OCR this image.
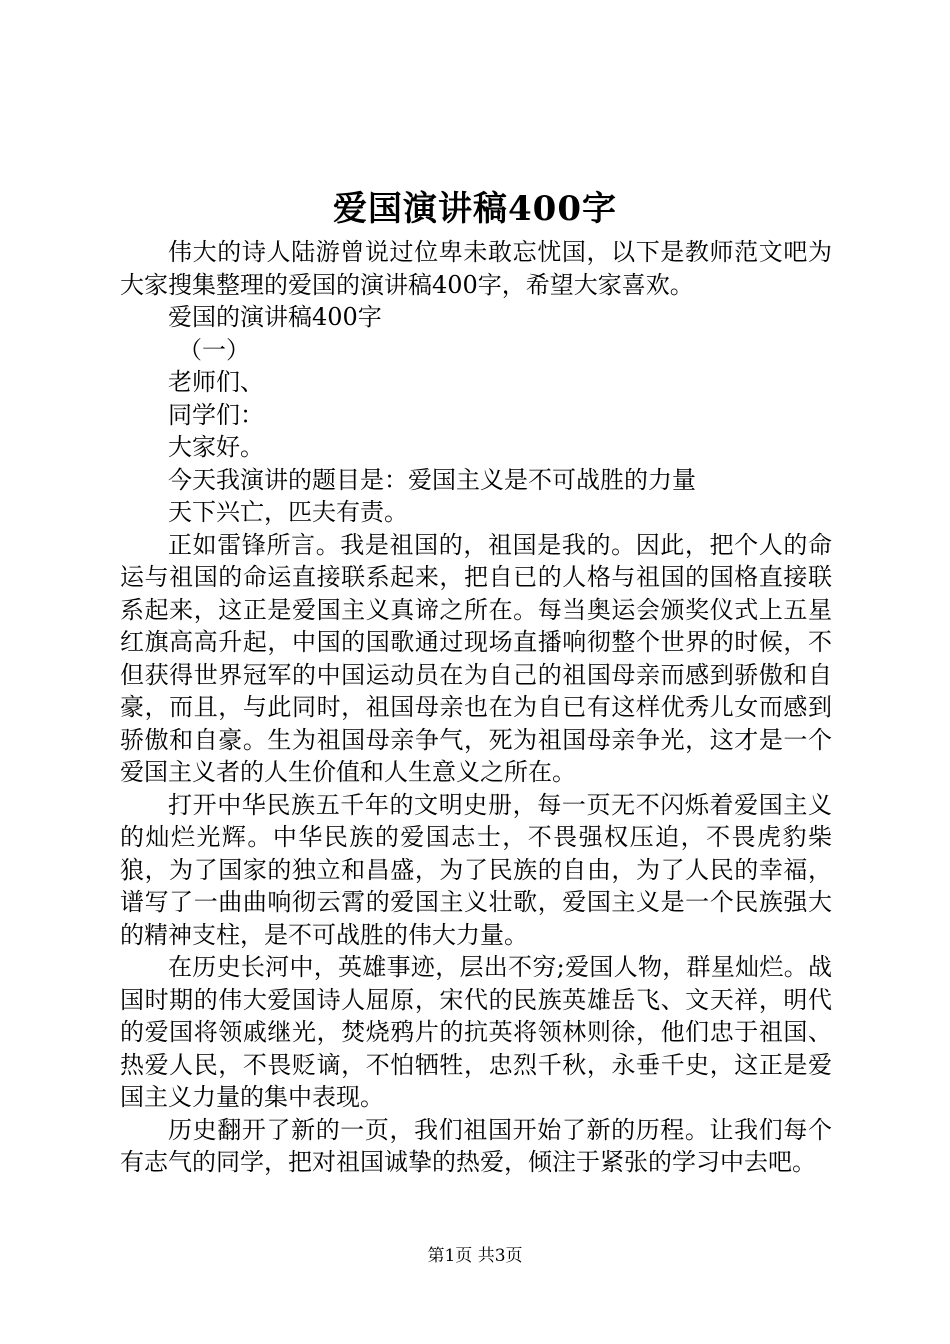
爱国演讲稿400字

伟大的诗人陆游曾说过位卑未敢忘忧国，以下是教师范文吧为大家搜集整理的爱国的演讲稿400字，希望大家喜欢。

爱国的演讲稿400字

（一）

老师们、

同学们：

大家好。

今天我演讲的题目是：爱国主义是不可战胜的力量

天下兴亡，匹夫有责。

正如雷锋所言。我是祖国的，祖国是我的。因此，把个人的命运与祖国的命运直接联系起来，把自已的人格与祖国的国格直接联系起来，这正是爱国主义真谛之所在。每当奥运会颁奖仪式上五星红旗高高升起，中国的国歌通过现场直播响彻整个世界的时候，不但获得世界冠军的中国运动员在为自己的祖国母亲而感到骄傲和自豪，而且，与此同时，祖国母亲也在为自已有这样优秀儿女而感到骄傲和自豪。生为祖国母亲争气，死为祖国母亲争光，这才是一个爱国主义者的人生价值和人生意义之所在。

打开中华民族五千年的文明史册，每一页无不闪烁着爱国主义的灿烂光辉。中华民族的爱国志士，不畏强权压迫，不畏虎豹柴狼，为了国家的独立和昌盛，为了民族的自由，为了人民的幸福，谱写了一曲曲响彻云霄的爱国主义壮歌，爱国主义是一个民族强大的精神支柱，是不可战胜的伟大力量。

在历史长河中，英雄事迹，层出不穷;爱国人物，群星灿烂。战国时期的伟大爱国诗人屈原，宋代的民族英雄岳飞、文天祥，明代的爱国将领戚继光，焚烧鸦片的抗英将领林则徐，他们忠于祖国、热爱人民，不畏贬谪，不怕牺牲，忠烈千秋，永垂千史，这正是爱国主义力量的集中表现。

历史翻开了新的一页，我们祖国开始了新的历程。让我们每个有志气的同学，把对祖国诚挚的热爱，倾注于紧张的学习中去吧。

第1页 共3页
